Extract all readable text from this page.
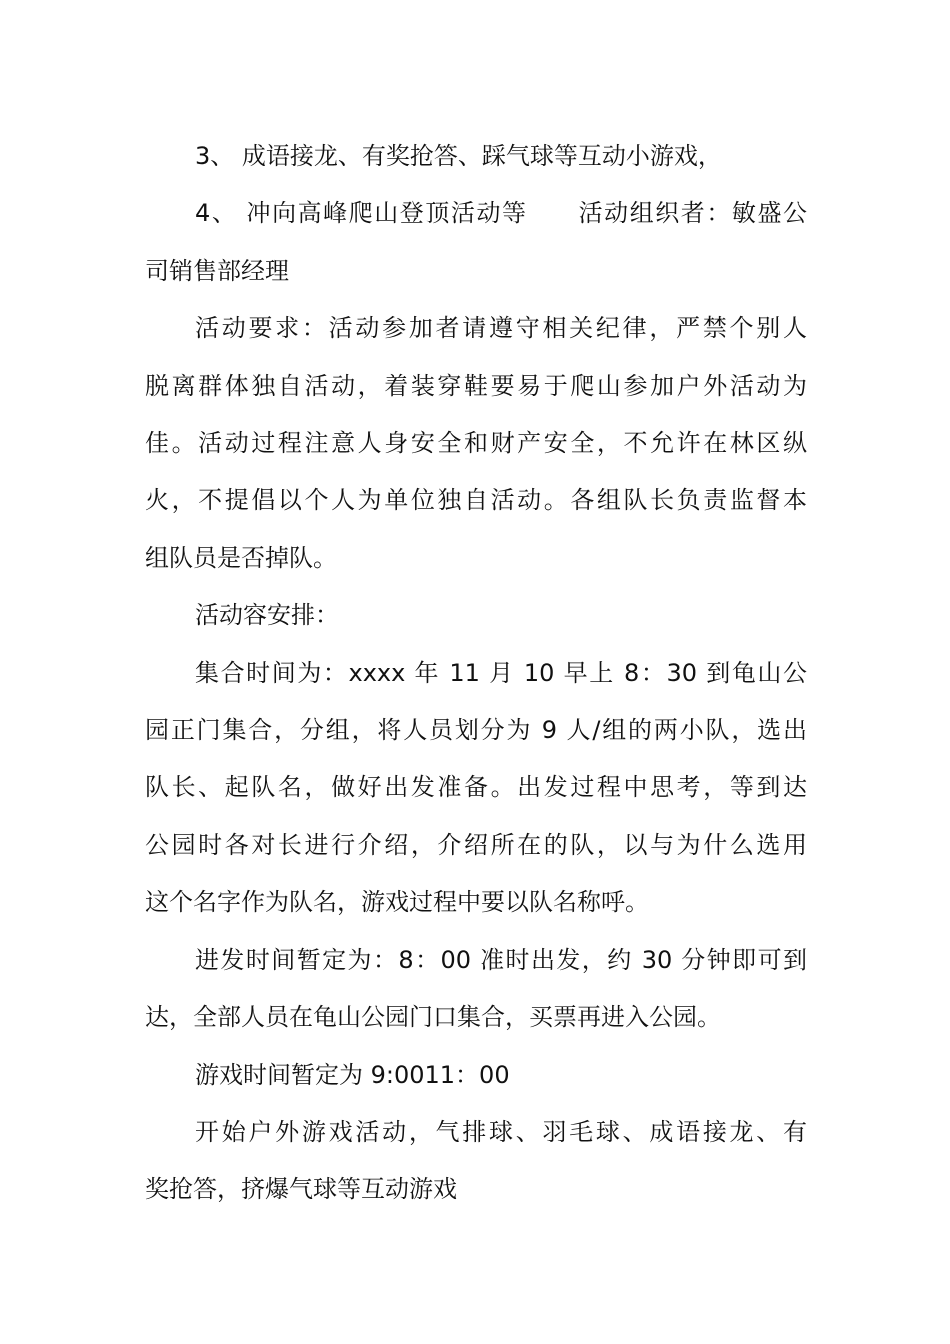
3、 成语接龙、有奖抢答、踩气球等互动小游戏，
4、 冲向高峰爬山登顶活动等　　活动组织者：敏盛公
司销售部经理
活动要求：活动参加者请遵守相关纪律，严禁个别人
脱离群体独自活动，着装穿鞋要易于爬山参加户外活动为
佳。活动过程注意人身安全和财产安全，不允许在林区纵
火，不提倡以个人为单位独自活动。各组队长负责监督本
组队员是否掉队。
活动容安排：
集合时间为：xxxx 年 11 月 10 早上 8：30 到龟山公
园正门集合，分组，将人员划分为 9 人/组的两小队，选出
队长、起队名，做好出发准备。出发过程中思考，等到达
公园时各对长进行介绍，介绍所在的队，以与为什么选用
这个名字作为队名，游戏过程中要以队名称呼。
进发时间暂定为：8：00 准时出发，约 30 分钟即可到
达，全部人员在龟山公园门口集合，买票再进入公园。
游戏时间暂定为 9:0011：00
开始户外游戏活动，气排球、羽毛球、成语接龙、有
奖抢答，挤爆气球等互动游戏
